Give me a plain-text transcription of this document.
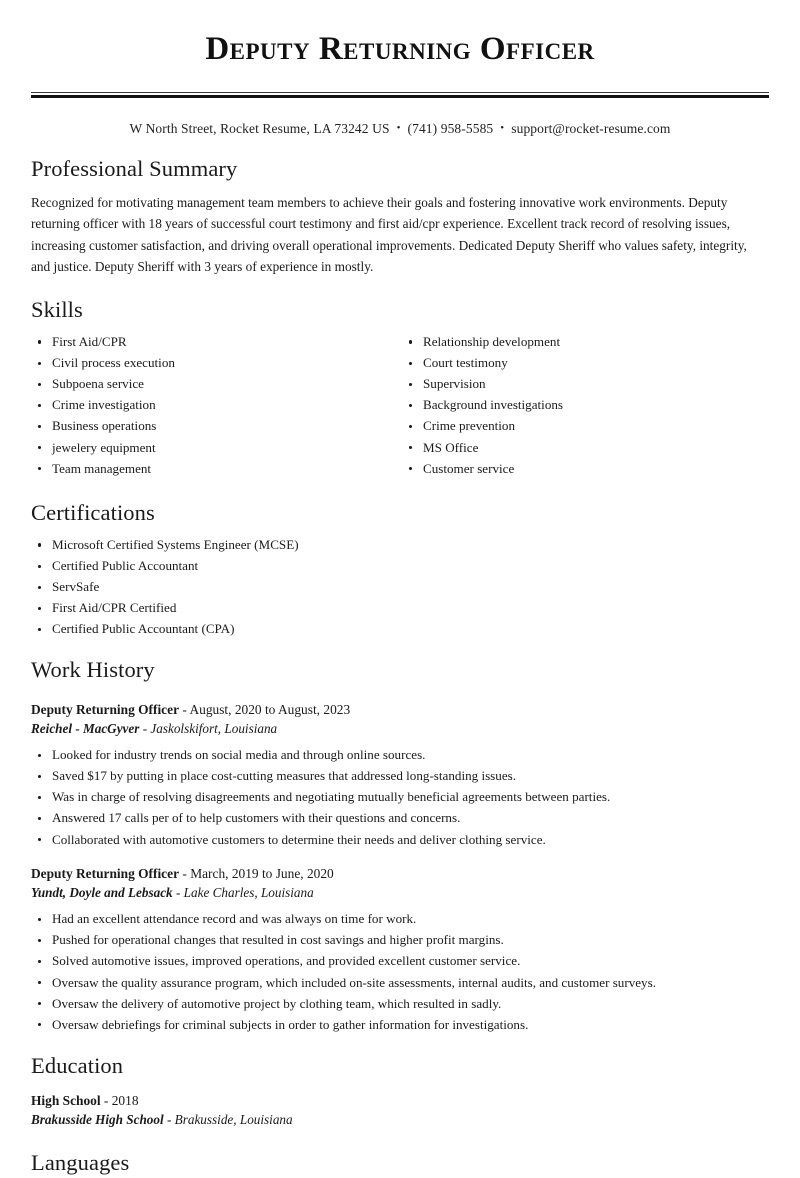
Deputy Returning Officer
W North Street, Rocket Resume, LA 73242 US • (741) 958-5585 • support@rocket-resume.com
Professional Summary
Recognized for motivating management team members to achieve their goals and fostering innovative work environments. Deputy returning officer with 18 years of successful court testimony and first aid/cpr experience. Excellent track record of resolving issues, increasing customer satisfaction, and driving overall operational improvements. Dedicated Deputy Sheriff who values safety, integrity, and justice. Deputy Sheriff with 3 years of experience in mostly.
Skills
First Aid/CPR
Civil process execution
Subpoena service
Crime investigation
Business operations
jewelery equipment
Team management
Relationship development
Court testimony
Supervision
Background investigations
Crime prevention
MS Office
Customer service
Certifications
Microsoft Certified Systems Engineer (MCSE)
Certified Public Accountant
ServSafe
First Aid/CPR Certified
Certified Public Accountant (CPA)
Work History
Deputy Returning Officer - August, 2020 to August, 2023
Reichel - MacGyver - Jaskolskifort, Louisiana
Looked for industry trends on social media and through online sources.
Saved $17 by putting in place cost-cutting measures that addressed long-standing issues.
Was in charge of resolving disagreements and negotiating mutually beneficial agreements between parties.
Answered 17 calls per of to help customers with their questions and concerns.
Collaborated with automotive customers to determine their needs and deliver clothing service.
Deputy Returning Officer - March, 2019 to June, 2020
Yundt, Doyle and Lebsack - Lake Charles, Louisiana
Had an excellent attendance record and was always on time for work.
Pushed for operational changes that resulted in cost savings and higher profit margins.
Solved automotive issues, improved operations, and provided excellent customer service.
Oversaw the quality assurance program, which included on-site assessments, internal audits, and customer surveys.
Oversaw the delivery of automotive project by clothing team, which resulted in sadly.
Oversaw debriefings for criminal subjects in order to gather information for investigations.
Education
High School - 2018
Brakusside High School - Brakusside, Louisiana
Languages
